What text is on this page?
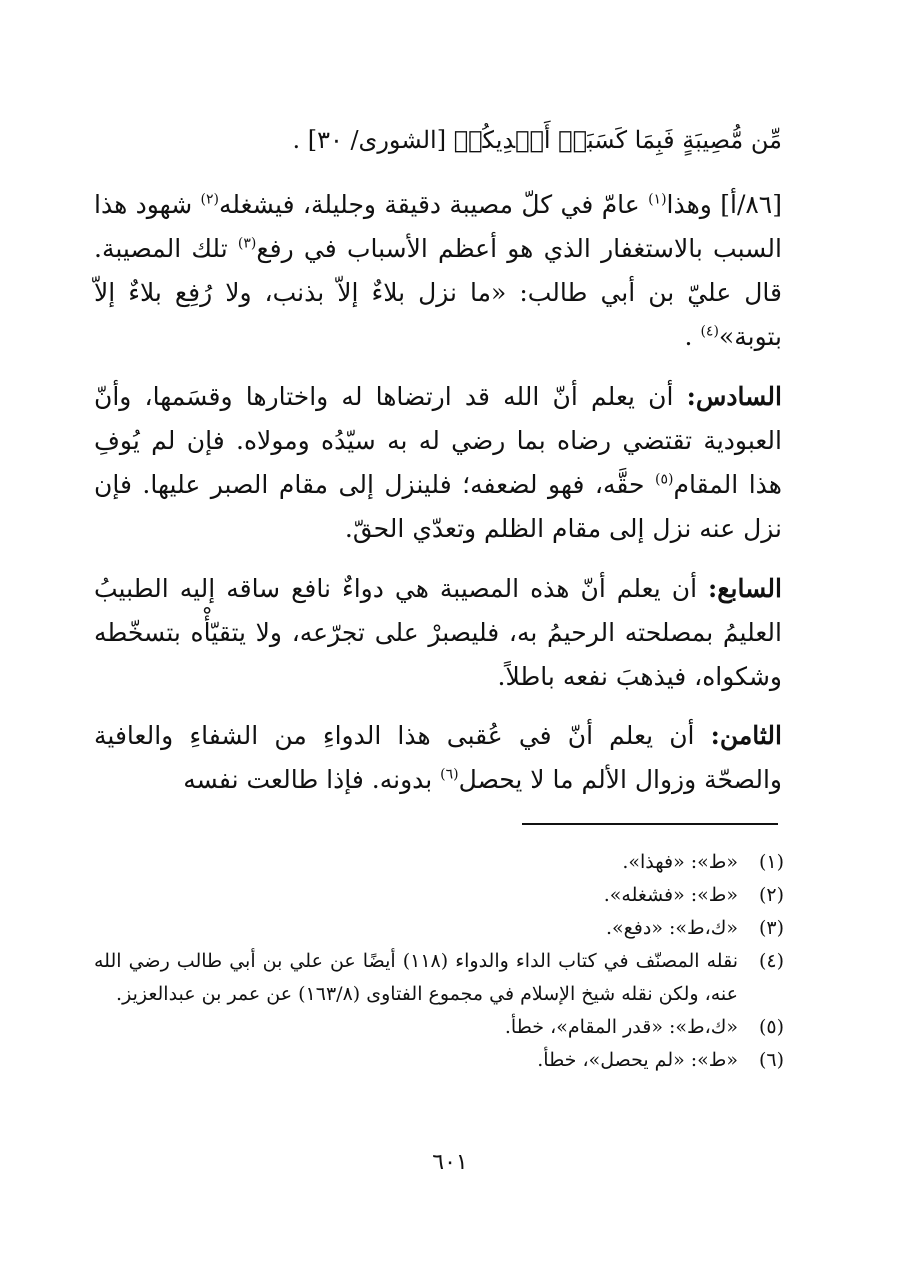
مِّن مُّصِيبَةٍ فَبِمَا كَسَبَتۡ أَيۡدِيكُمۡ [الشورى/ ٣٠] .

[٨٦/أ] وهذا$^{(١)}$ عامّ في كلّ مصيبة دقيقة وجليلة، فيشغله$^{(٢)}$ شهود هذا السبب بالاستغفار الذي هو أعظم الأسباب في رفع$^{(٣)}$ تلك المصيبة. قال عليّ بن أبي طالب: «ما نزل بلاءٌ إلاّ بذنب، ولا رُفِع بلاءٌ إلاّ بتوبة»$^{(٤)}$ .

السادس: أن يعلم أنّ الله قد ارتضاها له واختارها وقسَمها، وأنّ العبودية تقتضي رضاه بما رضي له به سيّدُه ومولاه. فإن لم يُوفِ هذا المقام$^{(٥)}$ حقَّه، فهو لضعفه؛ فلينزل إلى مقام الصبر عليها. فإن نزل عنه نزل إلى مقام الظلم وتعدّي الحقّ.

السابع: أن يعلم أنّ هذه المصيبة هي دواءٌ نافع ساقه إليه الطبيبُ العليمُ بمصلحته الرحيمُ به، فليصبرْ على تجرّعه، ولا يتقيّأْه بتسخّطه وشكواه، فيذهبَ نفعه باطلاً.

الثامن: أن يعلم أنّ في عُقبى هذا الدواءِ من الشفاءِ والعافية والصحّة وزوال الألم ما لا يحصل$^{(٦)}$ بدونه. فإذا طالعت نفسه

(١)
«ط»: «فهذا».
(٢)
«ط»: «فشغله».
(٣)
«ك،ط»: «دفع».
(٤)
نقله المصنّف في كتاب الداء والدواء (١١٨) أيضًا عن علي بن أبي طالب رضي الله عنه، ولكن نقله شيخ الإسلام في مجموع الفتاوى (١٦٣/٨) عن عمر بن عبدالعزيز.
(٥)
«ك،ط»: «قدر المقام»، خطأ.
(٦)
«ط»: «لم يحصل»، خطأ.
٦٠١
